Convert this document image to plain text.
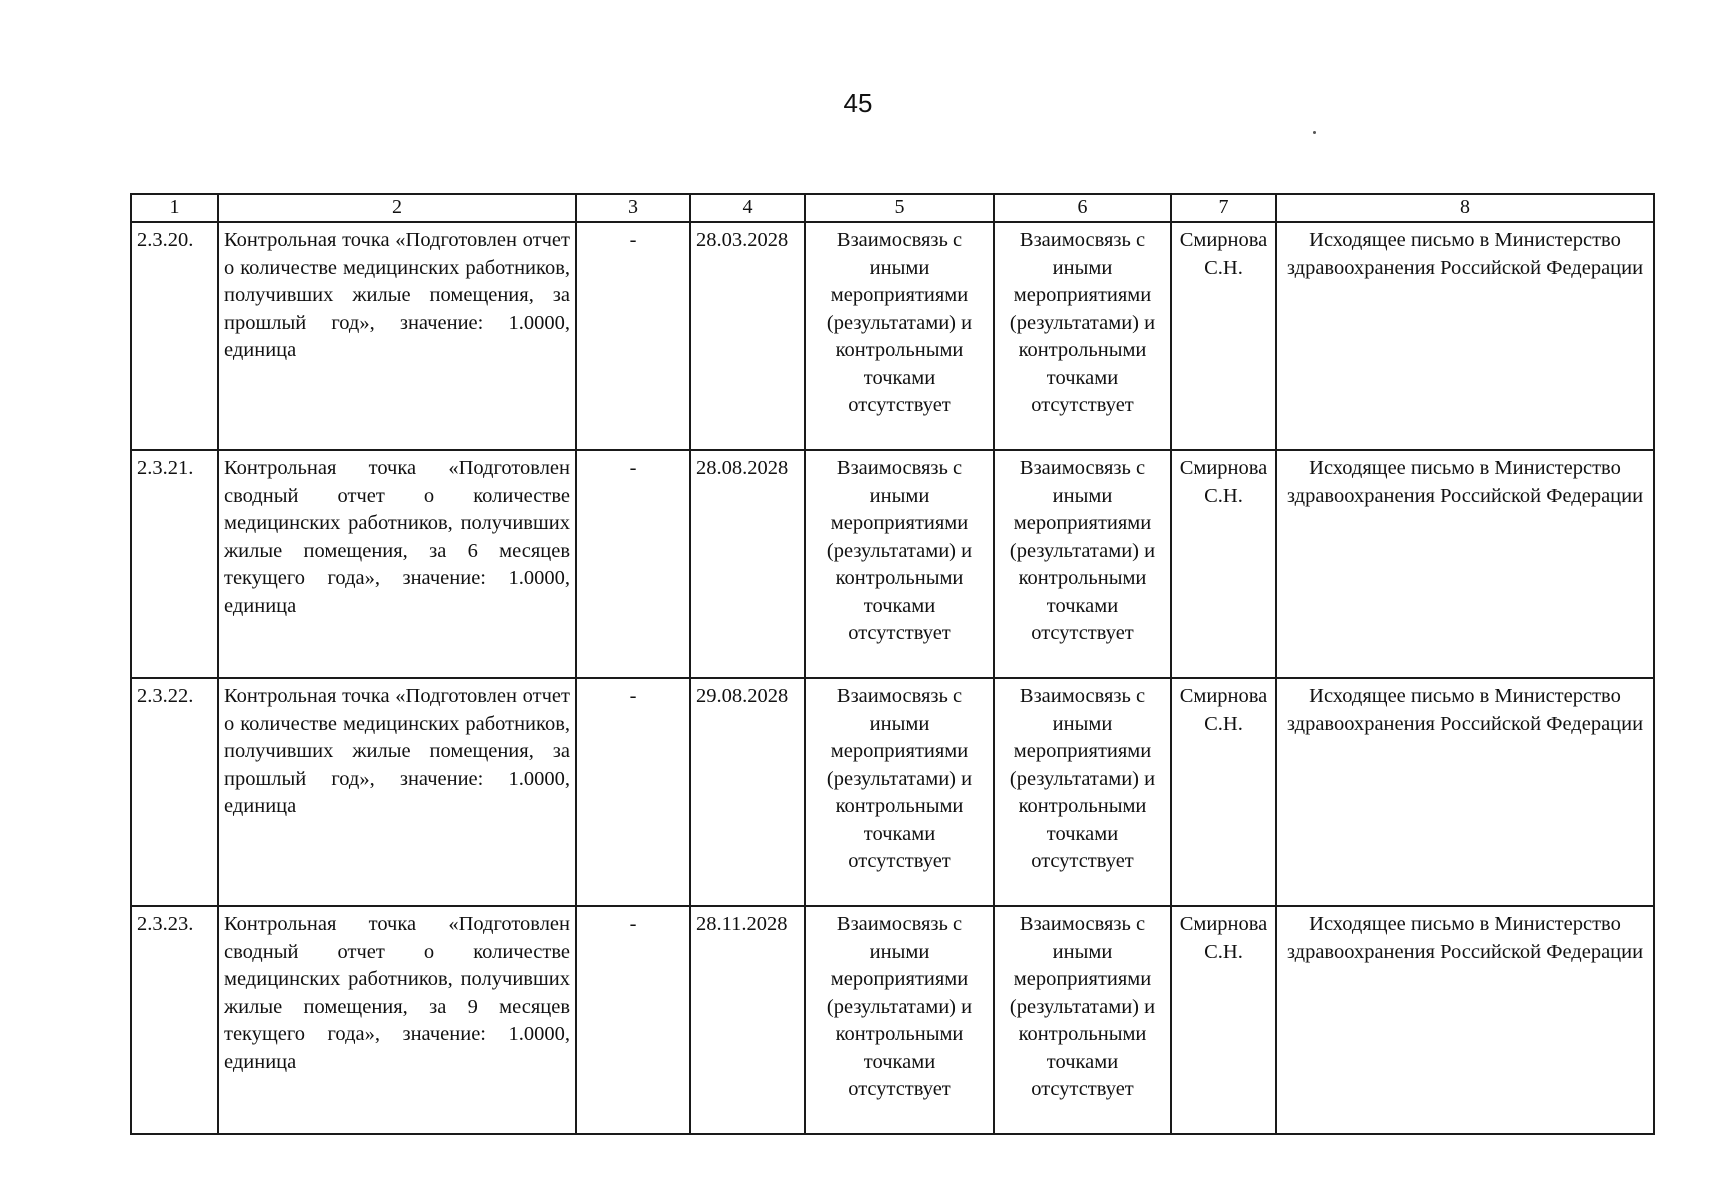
45
1	2	3	4	5	6	7	8
2.3.20.	Контрольная точка «Подготовлен отчет о количестве медицинских работников, получивших жилые помещения, за прошлый год», значение: 1.0000, единица	-	28.03.2028	Взаимосвязь с иными мероприятиями (результатами) и контрольными точками отсутствует	Взаимосвязь с иными мероприятиями (результатами) и контрольными точками отсутствует	Смирнова С.Н.	Исходящее письмо в Министерство здравоохранения Российской Федерации
2.3.21.	Контрольная точка «Подготовлен сводный отчет о количестве медицинских работников, получивших жилые помещения, за 6 месяцев текущего года», значение: 1.0000, единица	-	28.08.2028	Взаимосвязь с иными мероприятиями (результатами) и контрольными точками отсутствует	Взаимосвязь с иными мероприятиями (результатами) и контрольными точками отсутствует	Смирнова С.Н.	Исходящее письмо в Министерство здравоохранения Российской Федерации
2.3.22.	Контрольная точка «Подготовлен отчет о количестве медицинских работников, получивших жилые помещения, за прошлый год», значение: 1.0000, единица	-	29.08.2028	Взаимосвязь с иными мероприятиями (результатами) и контрольными точками отсутствует	Взаимосвязь с иными мероприятиями (результатами) и контрольными точками отсутствует	Смирнова С.Н.	Исходящее письмо в Министерство здравоохранения Российской Федерации
2.3.23.	Контрольная точка «Подготовлен сводный отчет о количестве медицинских работников, получивших жилые помещения, за 9 месяцев текущего года», значение: 1.0000, единица	-	28.11.2028	Взаимосвязь с иными мероприятиями (результатами) и контрольными точками отсутствует	Взаимосвязь с иными мероприятиями (результатами) и контрольными точками отсутствует	Смирнова С.Н.	Исходящее письмо в Министерство здравоохранения Российской Федерации
